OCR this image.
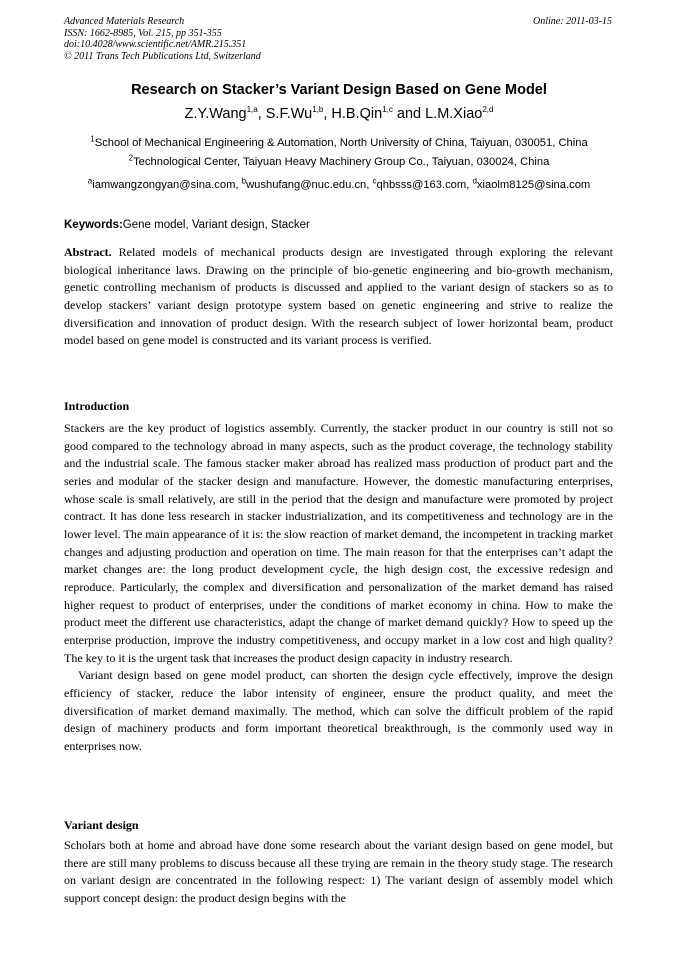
Advanced Materials Research
ISSN: 1662-8985, Vol. 215, pp 351-355
doi:10.4028/www.scientific.net/AMR.215.351
© 2011 Trans Tech Publications Ltd, Switzerland
Online: 2011-03-15
Research on Stacker’s Variant Design Based on Gene Model
Z.Y.Wang$^{1,a}$, S.F.Wu$^{1,b}$, H.B.Qin$^{1,c}$ and L.M.Xiao$^{2,d}$
$^1$School of Mechanical Engineering & Automation, North University of China, Taiyuan, 030051, China
$^2$Technological Center, Taiyuan Heavy Machinery Group Co., Taiyuan, 030024, China
$^a$iamwangzongyan@sina.com, $^b$wushufang@nuc.edu.cn, $^c$qhbsss@163.com, $^d$xiaolm8125@sina.com
Keywords:Gene model, Variant design, Stacker
Abstract. Related models of mechanical products design are investigated through exploring the relevant biological inheritance laws. Drawing on the principle of bio-genetic engineering and bio-growth mechanism, genetic controlling mechanism of products is discussed and applied to the variant design of stackers so as to develop stackers’ variant design prototype system based on genetic engineering and strive to realize the diversification and innovation of product design. With the research subject of lower horizontal beam, product model based on gene model is constructed and its variant process is verified.
Introduction

Stackers are the key product of logistics assembly. Currently, the stacker product in our country is still not so good compared to the technology abroad in many aspects, such as the product coverage, the technology stability and the industrial scale. The famous stacker maker abroad has realized mass production of product part and the series and modular of the stacker design and manufacture. However, the domestic manufacturing enterprises, whose scale is small relatively, are still in the period that the design and manufacture were promoted by project contract. It has done less research in stacker industrialization, and its competitiveness and technology are in the lower level. The main appearance of it is: the slow reaction of market demand, the incompetent in tracking market changes and adjusting production and operation on time. The main reason for that the enterprises can’t adapt the market changes are: the long product development cycle, the high design cost, the excessive redesign and reproduce. Particularly, the complex and diversification and personalization of the market demand has raised higher request to product of enterprises, under the conditions of market economy in china. How to make the product meet the different use characteristics, adapt the change of market demand quickly? How to speed up the enterprise production, improve the industry competitiveness, and occupy market in a low cost and high quality? The key to it is the urgent task that increases the product design capacity in industry research.

Variant design based on gene model product, can shorten the design cycle effectively, improve the design efficiency of stacker, reduce the labor intensity of engineer, ensure the product quality, and meet the diversification of market demand maximally. The method, which can solve the difficult problem of the rapid design of machinery products and form important theoretical breakthrough, is the commonly used way in enterprises now.

Variant design

Scholars both at home and abroad have done some research about the variant design based on gene model, but there are still many problems to discuss because all these trying are remain in the theory study stage. The research on variant design are concentrated in the following respect: 1) The variant design of assembly model which support concept design: the product design begins with the
